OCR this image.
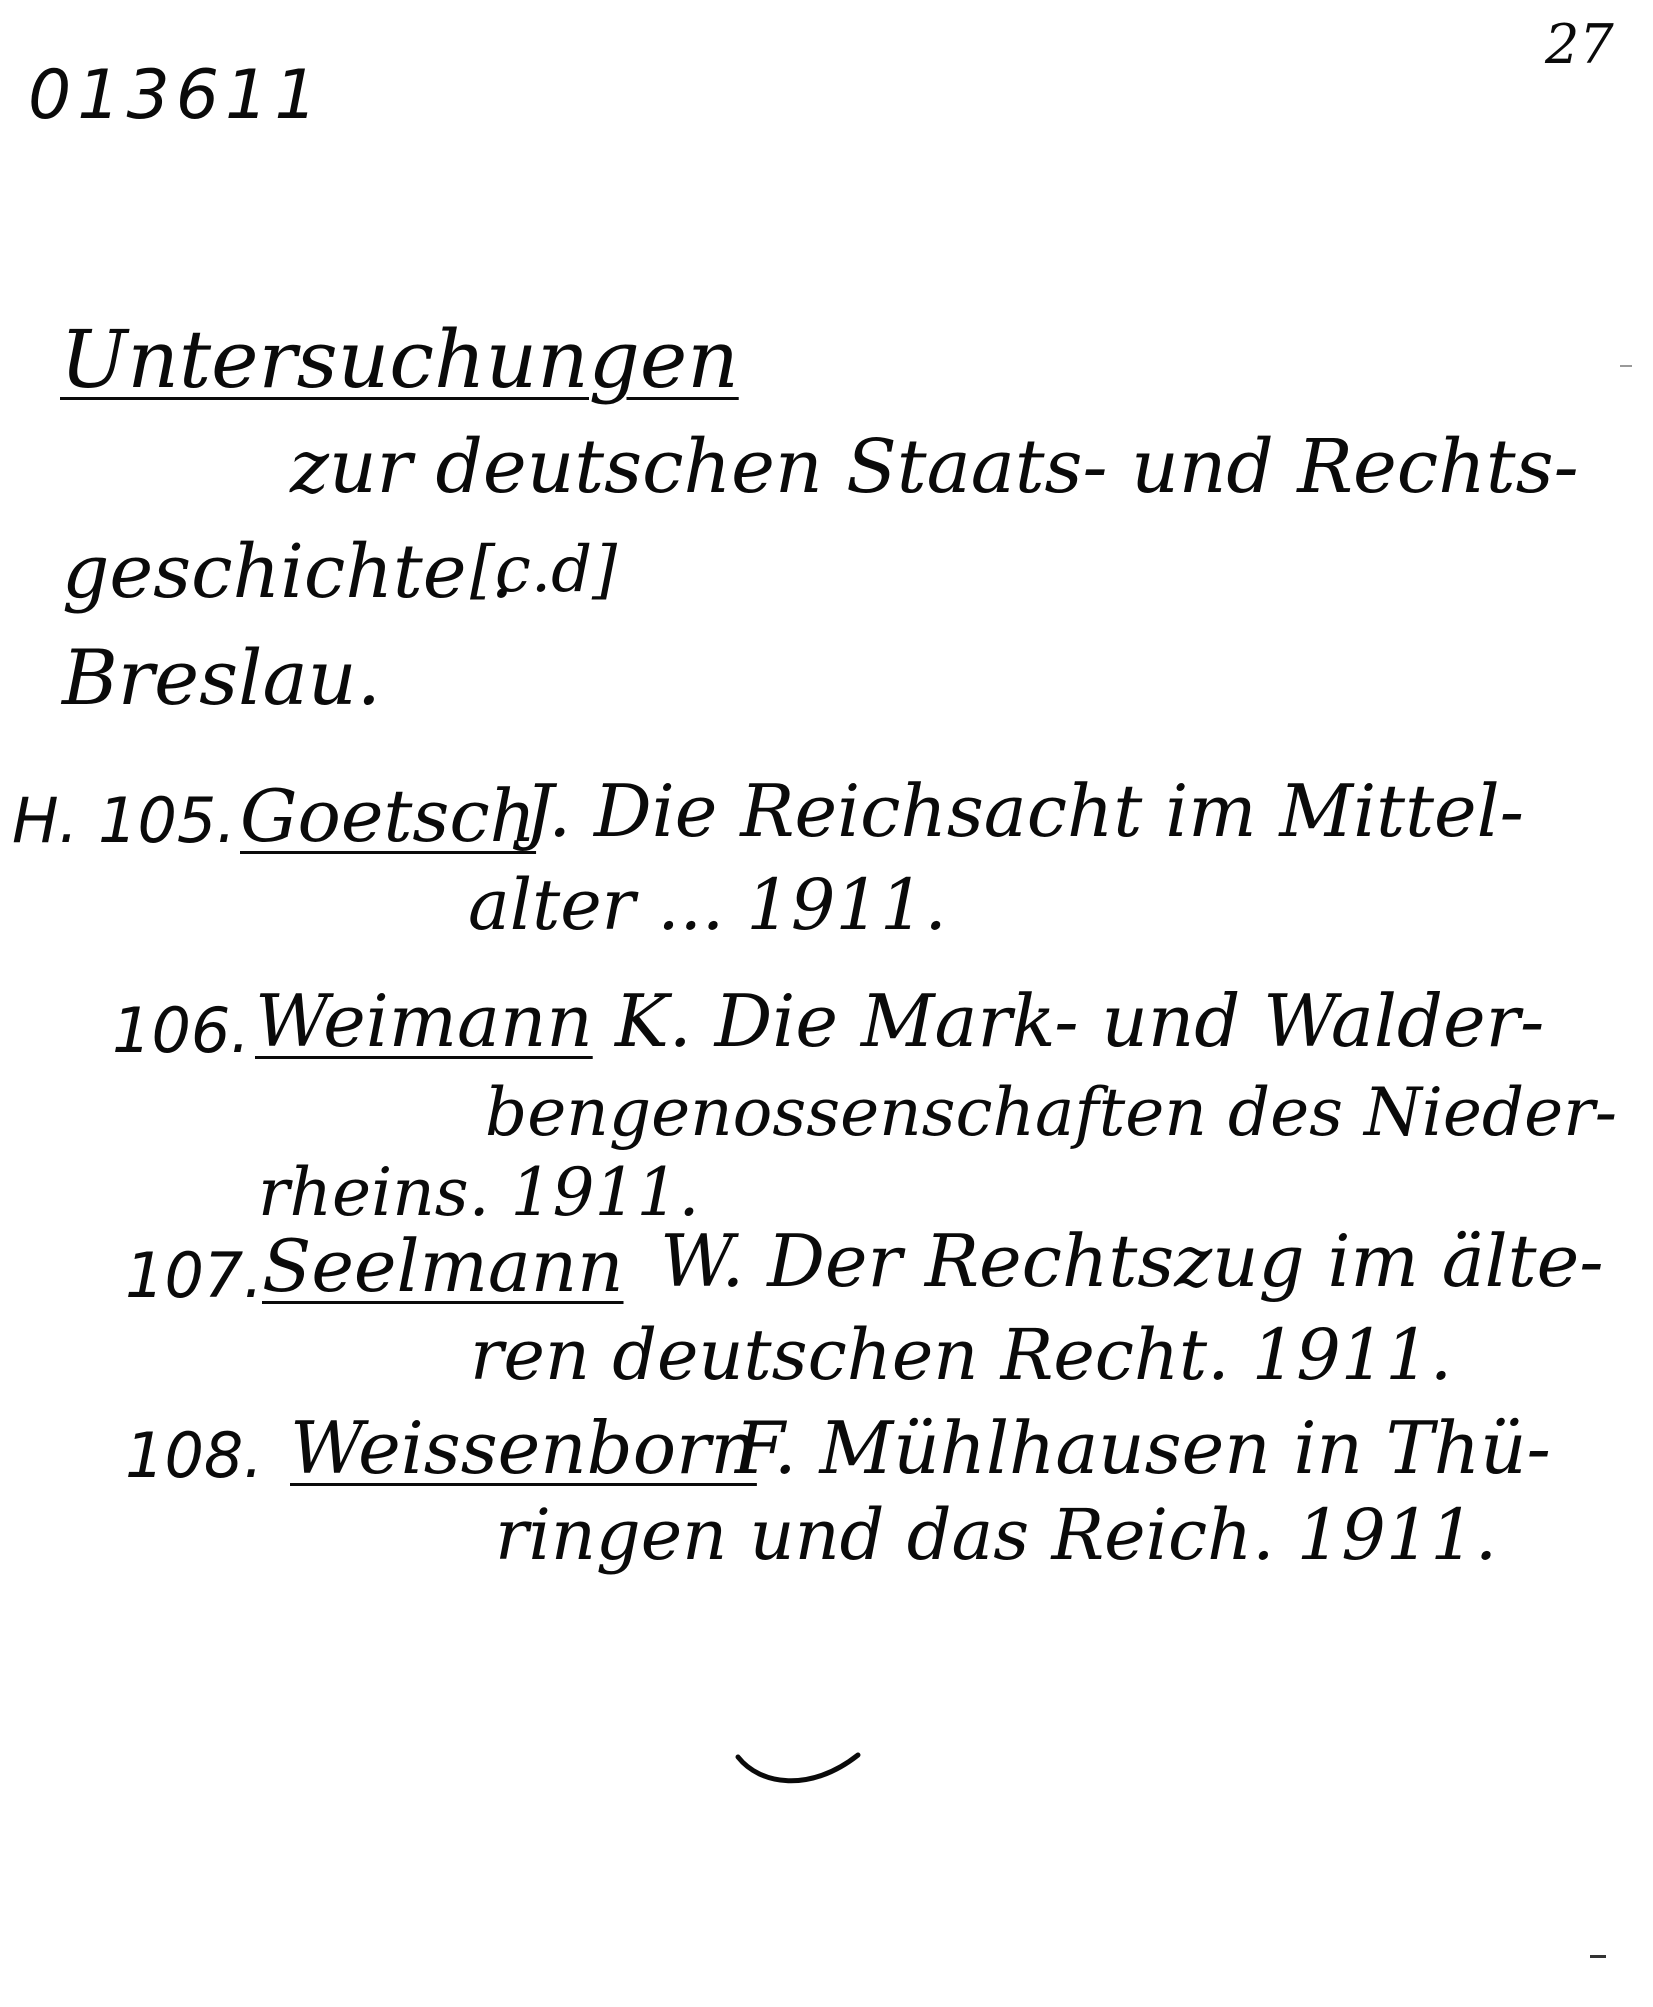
013611
27
Untersuchungen
zur deutschen Staats- und Rechts-
geschichte .
[c.d]
Breslau.
H. 105. Goetsch
J. Die Reichsacht im Mittel-
alter ... 1911.
106. Weimann K. Die Mark- und Walder-
bengenossenschaften des Nieder-
rheins. 1911.
107.
Seelmann W. Der Rechtszug im älte-
ren deutschen Recht. 1911.
108. Weissenborn
F. Mühlhausen in Thü-
ringen und das Reich. 1911.
